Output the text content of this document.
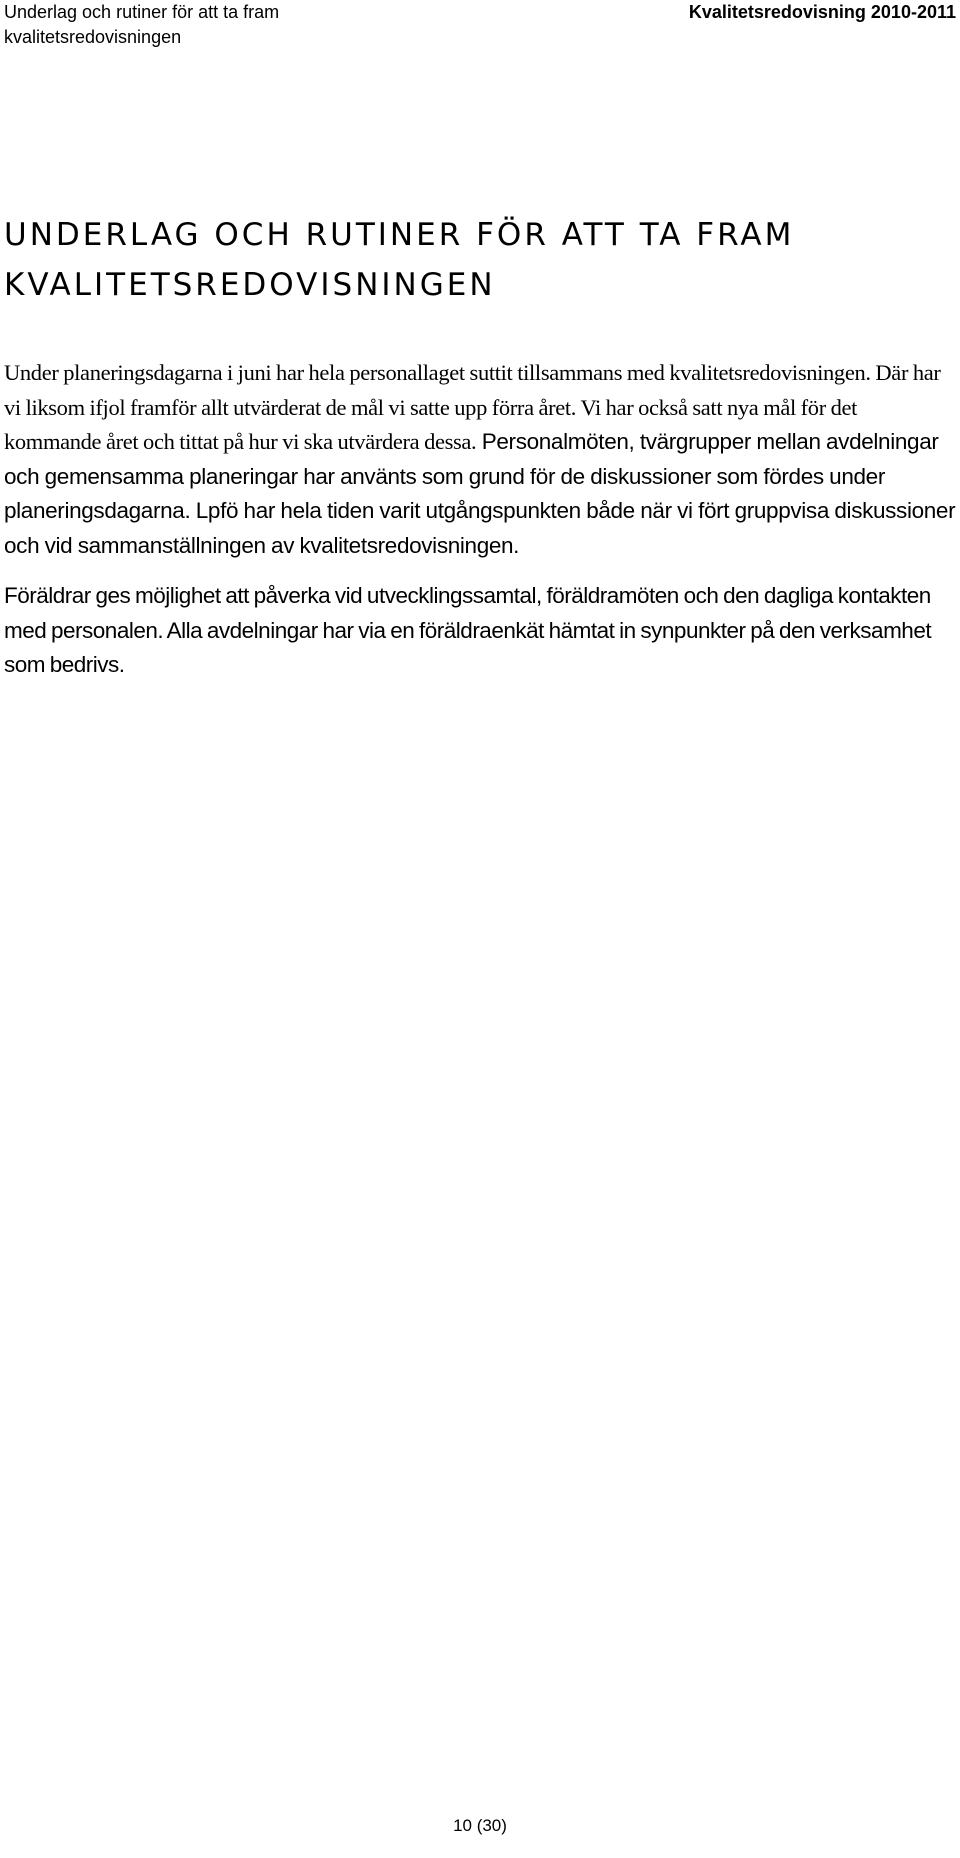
Underlag och rutiner för att ta fram
kvalitetsredovisningen
Kvalitetsredovisning 2010-2011
UNDERLAG OCH RUTINER FÖR ATT TA FRAM
KVALITETSREDOVISNINGEN

Under planeringsdagarna i juni har hela personallaget suttit tillsammans med kvalitetsredovisningen. Där har vi liksom ifjol framför allt utvärderat de mål vi satte upp förra året. Vi har också satt nya mål för det kommande året och tittat på hur vi ska utvärdera dessa. Personalmöten, tvärgrupper mellan avdelningar och gemensamma planeringar har använts som grund för de diskussioner som fördes under planeringsdagarna. Lpfö har hela tiden varit utgångspunkten både när vi fört gruppvisa diskussioner och vid sammanställningen av kvalitetsredovisningen.

Föräldrar ges möjlighet att påverka vid utvecklingssamtal, föräldramöten och den dagliga kontakten med personalen. Alla avdelningar har via en föräldraenkät hämtat in synpunkter på den verksamhet som bedrivs.

10 (30)
